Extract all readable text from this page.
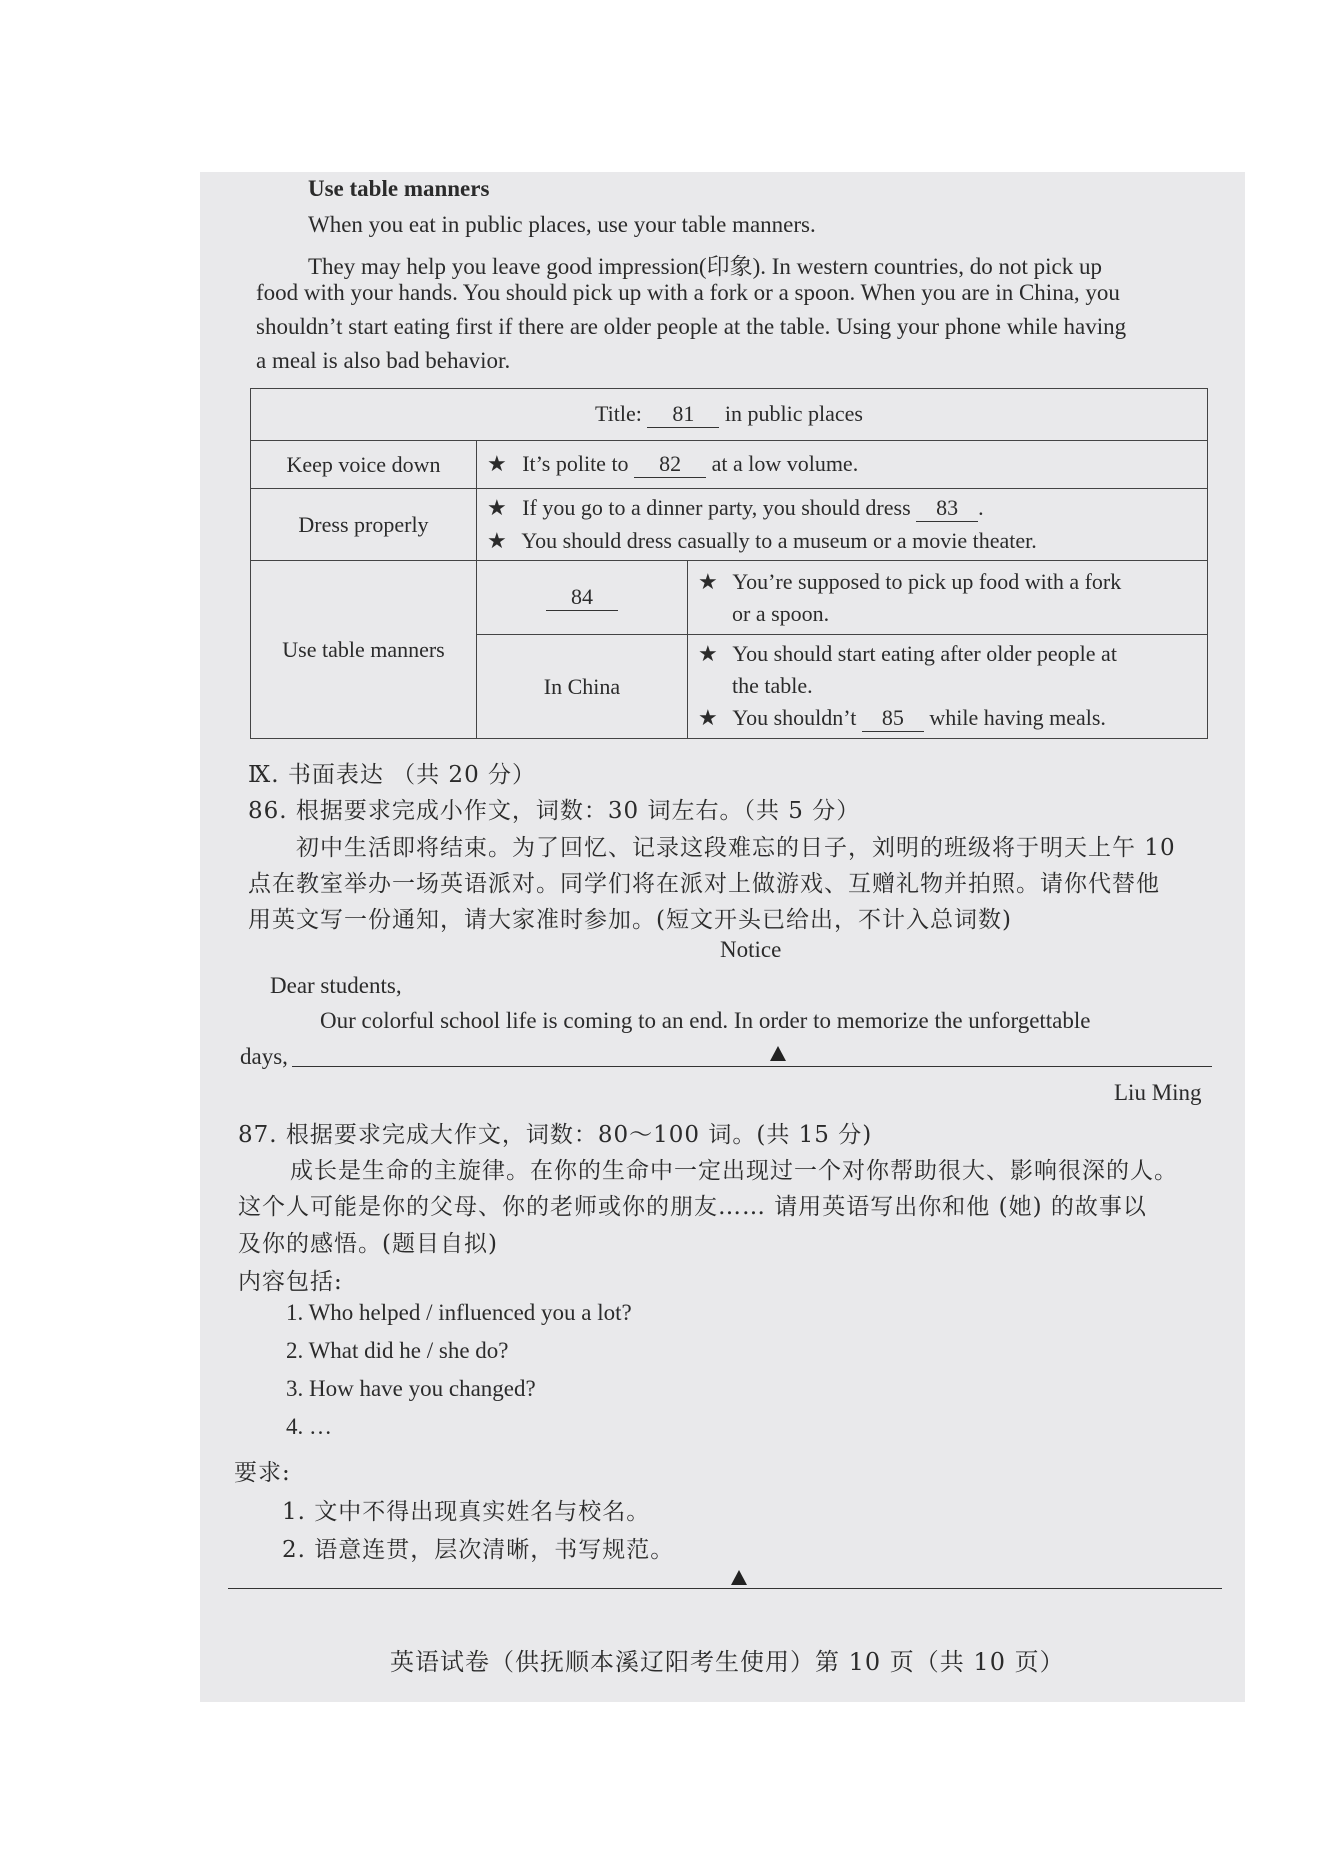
Use table manners
When you eat in public places, use your table manners.
They may help you leave good impression(印象). In western countries, do not pick up
food with your hands. You should pick up with a fork or a spoon. When you are in China, you
shouldn’t start eating first if there are older people at the table. Using your phone while having
a meal is also bad behavior.
Title: 81 in public places		
Keep voice down	★ It’s polite to 82 at a low volume.	
Dress properly	★ If you go to a dinner party, you should dress 83 .
★ You should dress casually to a museum or a movie theater.	

Use table manners	84	★ You’re supposed to pick up food with a fork
or a spoon.

	In China	★ You should start eating after older people at
the table.
★ You shouldn’t 85 while having meals.
Ⅸ. 书面表达 （共 20 分）
86. 根据要求完成小作文，词数：30 词左右。（共 5 分）
初中生活即将结束。为了回忆、记录这段难忘的日子，刘明的班级将于明天上午 10
点在教室举办一场英语派对。同学们将在派对上做游戏、互赠礼物并拍照。请你代替他
用英文写一份通知，请大家准时参加。(短文开头已给出，不计入总词数)
Notice
Dear students,
Our colorful school life is coming to an end. In order to memorize the unforgettable
days,
Liu Ming
87. 根据要求完成大作文，词数：80～100 词。(共 15 分)
成长是生命的主旋律。在你的生命中一定出现过一个对你帮助很大、影响很深的人。
这个人可能是你的父母、你的老师或你的朋友…… 请用英语写出你和他 (她) 的故事以
及你的感悟。(题目自拟)
内容包括:
1. Who helped / influenced you a lot?
2. What did he / she do?
3. How have you changed?
4. …
要求:
1. 文中不得出现真实姓名与校名。
2. 语意连贯，层次清晰，书写规范。
英语试卷（供抚顺本溪辽阳考生使用）第 10 页（共 10 页）
